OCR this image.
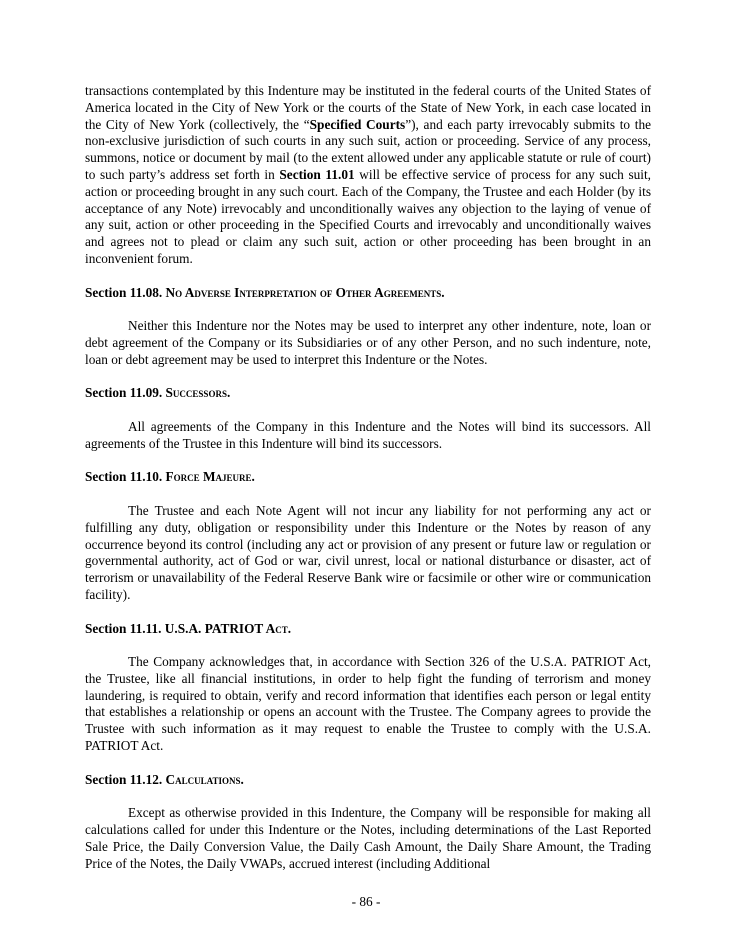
transactions contemplated by this Indenture may be instituted in the federal courts of the United States of America located in the City of New York or the courts of the State of New York, in each case located in the City of New York (collectively, the “Specified Courts”), and each party irrevocably submits to the non-exclusive jurisdiction of such courts in any such suit, action or proceeding. Service of any process, summons, notice or document by mail (to the extent allowed under any applicable statute or rule of court) to such party’s address set forth in Section 11.01 will be effective service of process for any such suit, action or proceeding brought in any such court. Each of the Company, the Trustee and each Holder (by its acceptance of any Note) irrevocably and unconditionally waives any objection to the laying of venue of any suit, action or other proceeding in the Specified Courts and irrevocably and unconditionally waives and agrees not to plead or claim any such suit, action or other proceeding has been brought in an inconvenient forum.

Section 11.08. No Adverse Interpretation of Other Agreements.

Neither this Indenture nor the Notes may be used to interpret any other indenture, note, loan or debt agreement of the Company or its Subsidiaries or of any other Person, and no such indenture, note, loan or debt agreement may be used to interpret this Indenture or the Notes.

Section 11.09. Successors.

All agreements of the Company in this Indenture and the Notes will bind its successors. All agreements of the Trustee in this Indenture will bind its successors.

Section 11.10. Force Majeure.

The Trustee and each Note Agent will not incur any liability for not performing any act or fulfilling any duty, obligation or responsibility under this Indenture or the Notes by reason of any occurrence beyond its control (including any act or provision of any present or future law or regulation or governmental authority, act of God or war, civil unrest, local or national disturbance or disaster, act of terrorism or unavailability of the Federal Reserve Bank wire or facsimile or other wire or communication facility).

Section 11.11. U.S.A. PATRIOT Act.

The Company acknowledges that, in accordance with Section 326 of the U.S.A. PATRIOT Act, the Trustee, like all financial institutions, in order to help fight the funding of terrorism and money laundering, is required to obtain, verify and record information that identifies each person or legal entity that establishes a relationship or opens an account with the Trustee. The Company agrees to provide the Trustee with such information as it may request to enable the Trustee to comply with the U.S.A. PATRIOT Act.

Section 11.12. Calculations.

Except as otherwise provided in this Indenture, the Company will be responsible for making all calculations called for under this Indenture or the Notes, including determinations of the Last Reported Sale Price, the Daily Conversion Value, the Daily Cash Amount, the Daily Share Amount, the Trading Price of the Notes, the Daily VWAPs, accrued interest (including Additional

- 86 -
